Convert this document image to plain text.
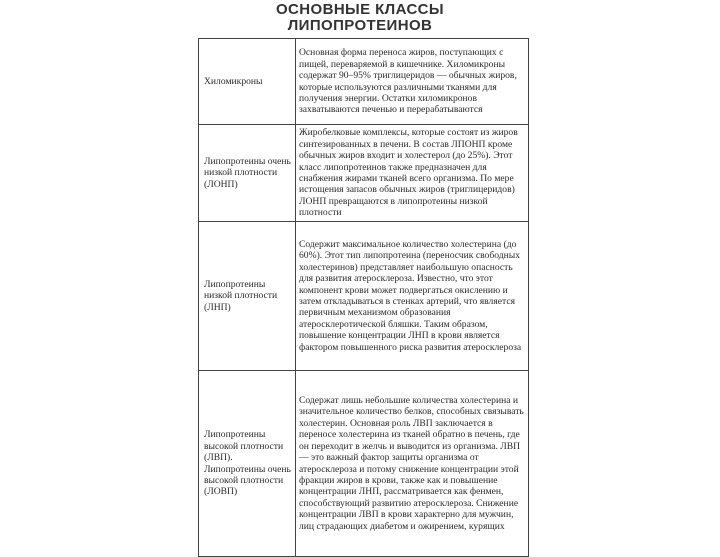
ОСНОВНЫЕ КЛАССЫ
ЛИПОПРОТЕИНОВ
Хиломикроны	Основная форма переноса жиров, поступающих с пищей, переваряемой в кишечнике. Хиломикроны содержат 90–95% триглицеридов — обычных жиров, которые используются различными тканями для получения энергии. Остатки хиломикронов захватываются печенью и перерабатываются
Липопротеины очень низкой плотности (ЛОНП)	Жиробелковые комплексы, которые состоят из жиров синтезированных в печени. В состав ЛПОНП кроме обычных жиров входит и холестерол (до 25%). Этот класс липопротеинов также предназначен для снабжения жирами тканей всего организма. По мере истощения запасов обычных жиров (триглицеридов) ЛОНП превращаются в липопротеины низкой плотности
Липопротеины низкой плотности (ЛНП)	Содержит максимальное количество холестерина (до 60%). Этот тип липопротеина (переносчик свободных холестеринов) представляет наибольшую опасность для развития атеросклероза. Известно, что этот компонент крови может подвергаться окислению и затем откладываться в стенках артерий, что является первичным механизмом образования атеросклеротической бляшки. Таким образом, повышение концентрации ЛНП в крови является фактором повышенного риска развития атеросклероза
Липопротеины высокой плотности (ЛВП). Липопротеины очень высокой плотности (ЛОВП)	Содержат лишь небольшие количества холестерина и значительное количество белков, способных связывать холестерин. Основная роль ЛВП заключается в переносе холестерина из тканей обратно в печень, где он переходит в желчь и выводится из организма. ЛВП — это важный фактор защиты организма от атеросклероза и потому снижение концентрации этой фракции жиров в крови, также как и повышение концентрации ЛНП, рассматривается как фенмен, способствующий развитию атеросклероза. Снижение концентрации ЛВП в крови характерно для мужчин, лиц страдающих диабетом и ожирением, курящих
